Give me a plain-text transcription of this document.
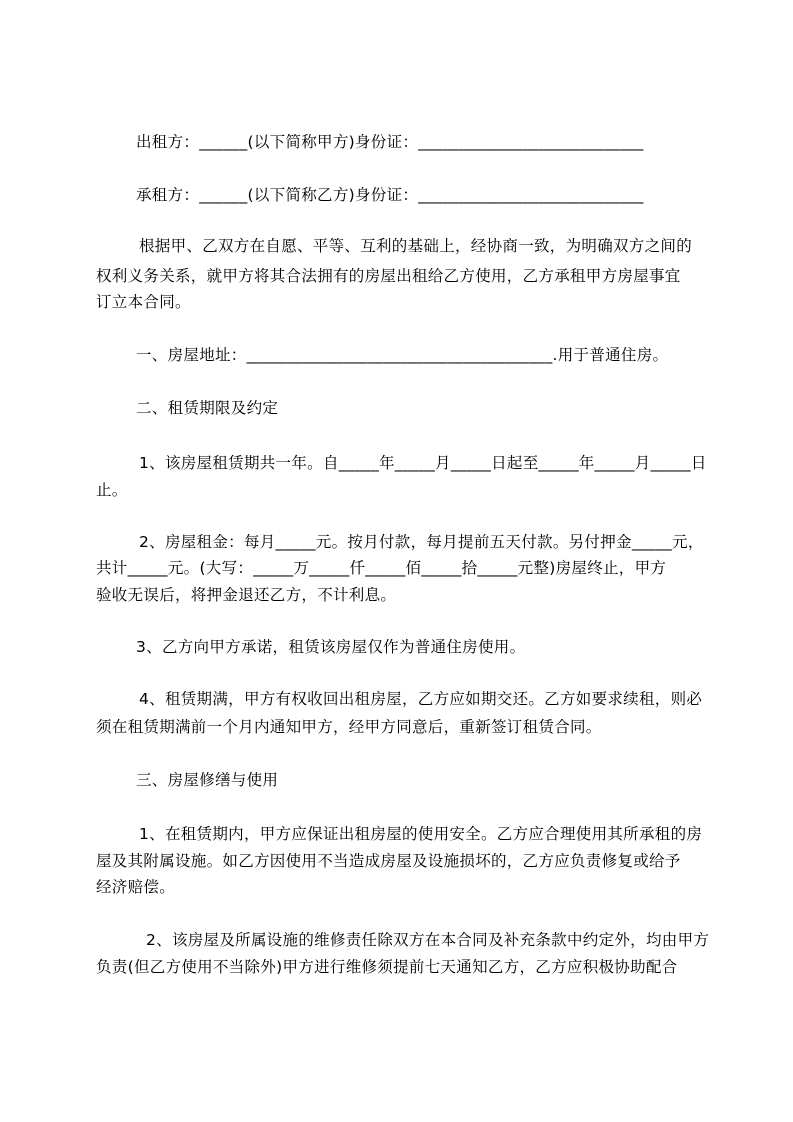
出租方：______(以下简称甲方)身份证：____________________________
承租方：______(以下简称乙方)身份证：____________________________
根据甲、乙双方在自愿、平等、互利的基础上，经协商一致，为明确双方之间的
权利义务关系，就甲方将其合法拥有的房屋出租给乙方使用，乙方承租甲方房屋事宜
订立本合同。
一、房屋地址：______________________________________.用于普通住房。
二、租赁期限及约定
1、该房屋租赁期共一年。自_____年_____月_____日起至_____年_____月_____日
止。
2、房屋租金：每月_____元。按月付款，每月提前五天付款。另付押金_____元，
共计_____元。(大写：_____万_____仟_____佰_____拾_____元整)房屋终止，甲方
验收无误后，将押金退还乙方，不计利息。
3、乙方向甲方承诺，租赁该房屋仅作为普通住房使用。
4、租赁期满，甲方有权收回出租房屋，乙方应如期交还。乙方如要求续租，则必
须在租赁期满前一个月内通知甲方，经甲方同意后，重新签订租赁合同。
三、房屋修缮与使用
1、在租赁期内，甲方应保证出租房屋的使用安全。乙方应合理使用其所承租的房
屋及其附属设施。如乙方因使用不当造成房屋及设施损坏的，乙方应负责修复或给予
经济赔偿。
2、该房屋及所属设施的维修责任除双方在本合同及补充条款中约定外，均由甲方
负责(但乙方使用不当除外)甲方进行维修须提前七天通知乙方，乙方应积极协助配合
